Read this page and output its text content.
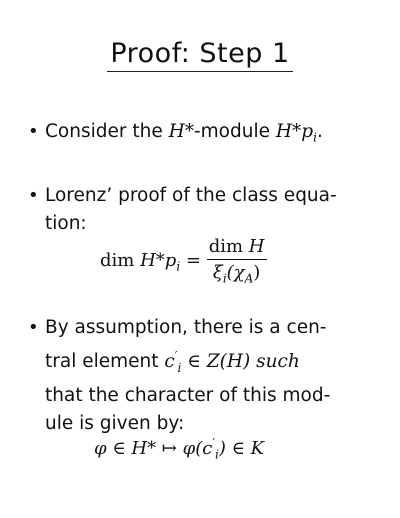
Proof: Step 1
• Consider the H*-module $H*p_i$.
• Lorenz’ proof of the class equa-
tion:
dim $H*p_i = \frac{\text{dim H}}{\xi_i(\chi_A)}$
• By assumption, there is a cen-
tral element $c'_i$ ∈ Z(H) such
that the character of this mod-
ule is given by:
φ ∈ H* ↦ $\varphi(c'_i)$ ∈ K
